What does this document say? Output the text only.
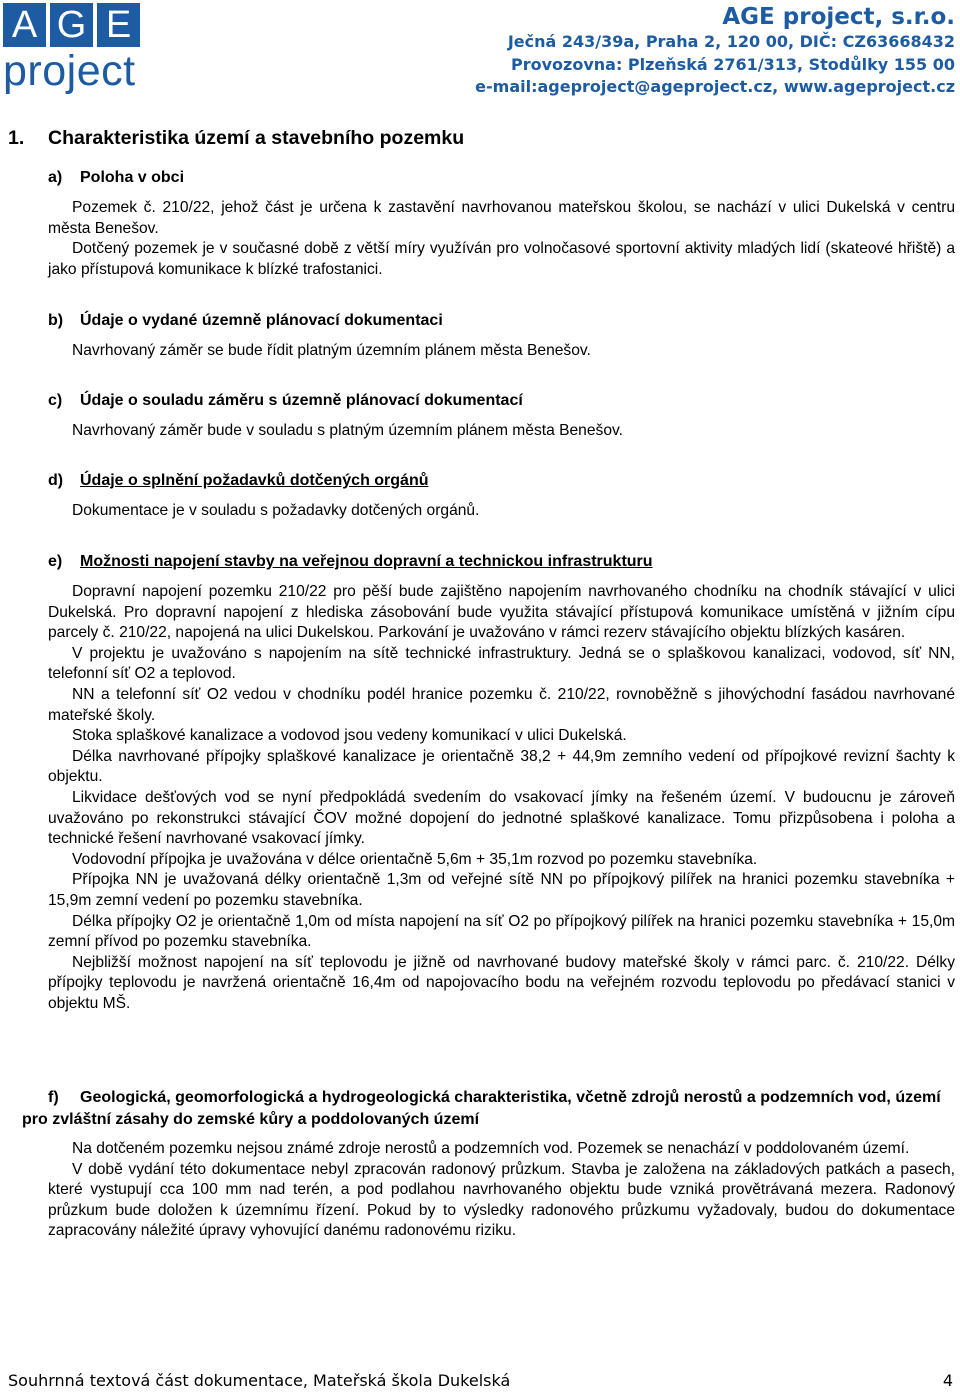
A G E
project
AGE project, s.r.o.
Ječná 243/39a, Praha 2, 120 00, DIČ: CZ63668432
Provozovna: Plzeňská 2761/313, Stodůlky 155 00
e-mail:ageproject@ageproject.cz, www.ageproject.cz
1. Charakteristika území a stavebního pozemku
a) Poloha v obci
Pozemek č. 210/22, jehož část je určena k zastavění navrhovanou mateřskou školou, se nachází v ulici Dukelská v centru města Benešov.
Dotčený pozemek je v současné době z větší míry využíván pro volnočasové sportovní aktivity mladých lidí (skateové hřiště) a jako přístupová komunikace k blízké trafostanici.
b) Údaje o vydané územně plánovací dokumentaci
Navrhovaný záměr se bude řídit platným územním plánem města Benešov.
c) Údaje o souladu záměru s územně plánovací dokumentací
Navrhovaný záměr bude v souladu s platným územním plánem města Benešov.
d) Údaje o splnění požadavků dotčených orgánů
Dokumentace je v souladu s požadavky dotčených orgánů.
e) Možnosti napojení stavby na veřejnou dopravní a technickou infrastrukturu
Dopravní napojení pozemku 210/22 pro pěší bude zajištěno napojením navrhovaného chodníku na chodník stávající v ulici Dukelská. Pro dopravní napojení z hlediska zásobování bude využita stávající přístupová komunikace umístěná v jižním cípu parcely č. 210/22, napojená na ulici Dukelskou. Parkování je uvažováno v rámci rezerv stávajícího objektu blízkých kasáren.
V projektu je uvažováno s napojením na sítě technické infrastruktury. Jedná se o splaškovou kanalizaci, vodovod, síť NN, telefonní síť O2 a teplovod.
NN a telefonní síť O2 vedou v chodníku podél hranice pozemku č. 210/22, rovnoběžně s jihovýchodní fasádou navrhované mateřské školy.
Stoka splaškové kanalizace a vodovod jsou vedeny komunikací v ulici Dukelská.
Délka navrhované přípojky splaškové kanalizace je orientačně 38,2 + 44,9m zemního vedení od přípojkové revizní šachty k objektu.
Likvidace dešťových vod se nyní předpokládá svedením do vsakovací jímky na řešeném území. V budoucnu je zároveň uvažováno po rekonstrukci stávající ČOV možné dopojení do jednotné splaškové kanalizace. Tomu přizpůsobena i poloha a technické řešení navrhované vsakovací jímky.
Vodovodní přípojka je uvažována v délce orientačně 5,6m + 35,1m rozvod po pozemku stavebníka.
Přípojka NN je uvažovaná délky orientačně 1,3m od veřejné sítě NN po přípojkový pilířek na hranici pozemku stavebníka + 15,9m zemní vedení po pozemku stavebníka.
Délka přípojky O2 je orientačně 1,0m od místa napojení na síť O2 po přípojkový pilířek na hranici pozemku stavebníka + 15,0m zemní přívod po pozemku stavebníka.
Nejbližší možnost napojení na síť teplovodu je jižně od navrhované budovy mateřské školy v rámci parc. č. 210/22. Délky přípojky teplovodu je navržená orientačně 16,4m od napojovacího bodu na veřejném rozvodu teplovodu po předávací stanici v objektu MŠ.
f) Geologická, geomorfologická a hydrogeologická charakteristika, včetně zdrojů nerostů a podzemních vod, území pro zvláštní zásahy do zemské kůry a poddolovaných území
Na dotčeném pozemku nejsou známé zdroje nerostů a podzemních vod. Pozemek se nenachází v poddolovaném území.
V době vydání této dokumentace nebyl zpracován radonový průzkum. Stavba je založena na základových patkách a pasech, které vystupují cca 100 mm nad terén, a pod podlahou navrhovaného objektu bude vzniká provětrávaná mezera. Radonový průzkum bude doložen k územnímu řízení. Pokud by to výsledky radonového průzkumu vyžadovaly, budou do dokumentace zapracovány náležité úpravy vyhovující danému radonovému riziku.
Souhrnná textová část dokumentace, Mateřská škola Dukelská	4
